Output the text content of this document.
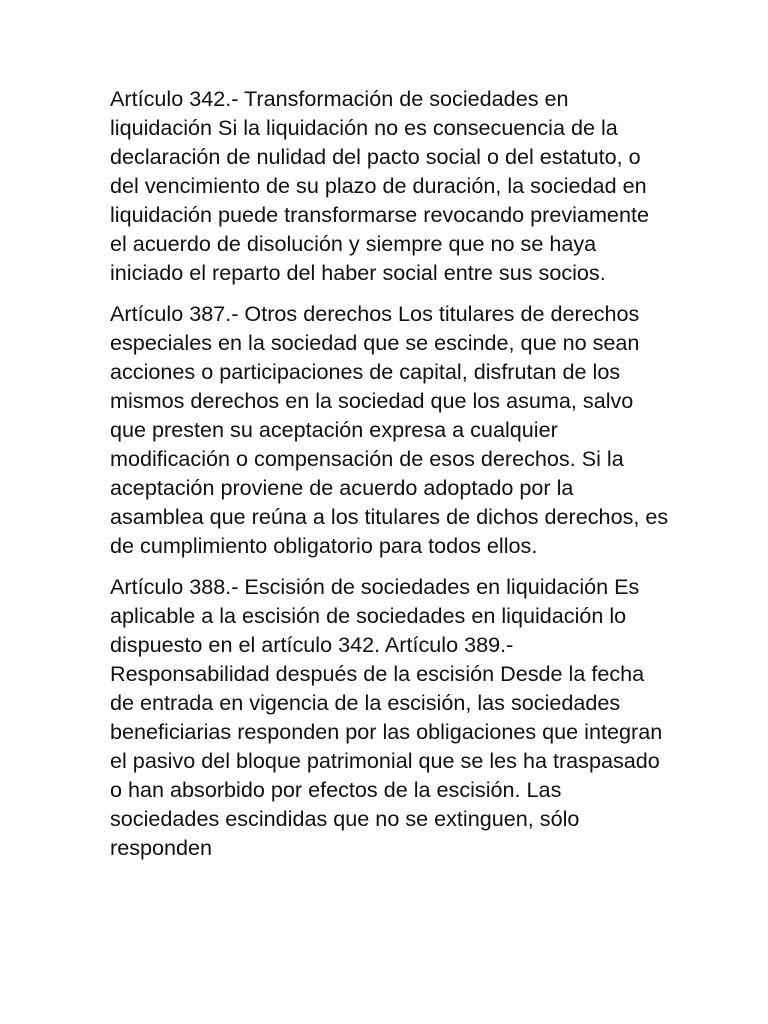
Artículo 342.- Transformación de sociedades en liquidación Si la liquidación no es consecuencia de la declaración de nulidad del pacto social o del estatuto, o del vencimiento de su plazo de duración, la sociedad en liquidación puede transformarse revocando previamente el acuerdo de disolución y siempre que no se haya iniciado el reparto del haber social entre sus socios.

Artículo 387.- Otros derechos Los titulares de derechos especiales en la sociedad que se escinde, que no sean acciones o participaciones de capital, disfrutan de los mismos derechos en la sociedad que los asuma, salvo que presten su aceptación expresa a cualquier modificación o compensación de esos derechos. Si la aceptación proviene de acuerdo adoptado por la asamblea que reúna a los titulares de dichos derechos, es de cumplimiento obligatorio para todos ellos.

Artículo 388.- Escisión de sociedades en liquidación Es aplicable a la escisión de sociedades en liquidación lo dispuesto en el artículo 342. Artículo 389.- Responsabilidad después de la escisión Desde la fecha de entrada en vigencia de la escisión, las sociedades beneficiarias responden por las obligaciones que integran el pasivo del bloque patrimonial que se les ha traspasado o han absorbido por efectos de la escisión. Las sociedades escindidas que no se extinguen, sólo responden
